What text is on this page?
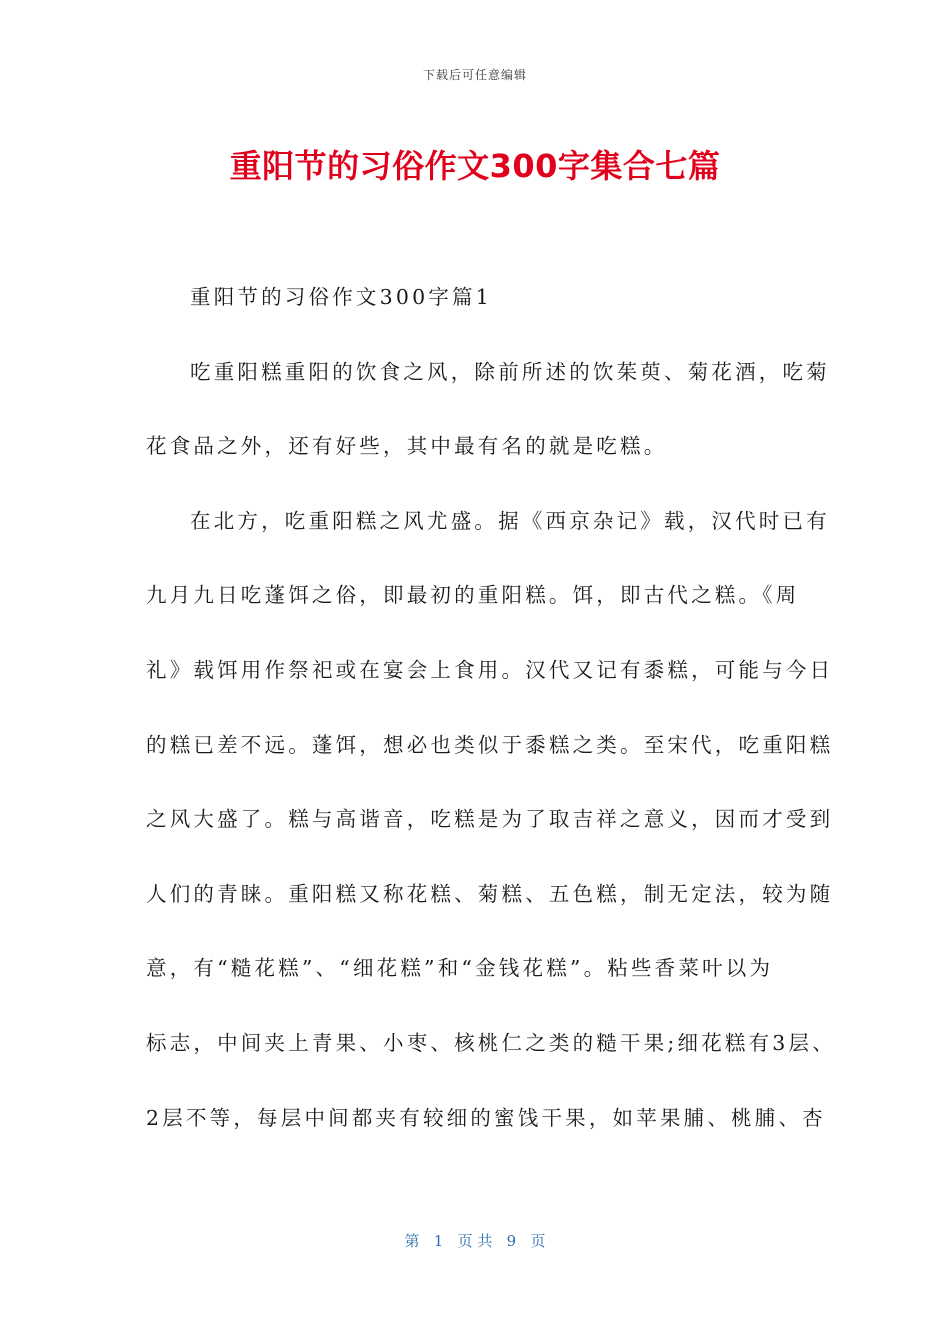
下载后可任意编辑
重阳节的习俗作文300字集合七篇
重阳节的习俗作文300字篇1
吃重阳糕重阳的饮食之风，除前所述的饮茱萸、菊花酒，吃菊
花食品之外，还有好些，其中最有名的就是吃糕。
在北方，吃重阳糕之风尤盛。据《西京杂记》载，汉代时已有
九月九日吃蓬饵之俗，即最初的重阳糕。饵，即古代之糕。《周
礼》载饵用作祭祀或在宴会上食用。汉代又记有黍糕，可能与今日
的糕已差不远。蓬饵，想必也类似于黍糕之类。至宋代，吃重阳糕
之风大盛了。糕与高谐音，吃糕是为了取吉祥之意义，因而才受到
人们的青睐。重阳糕又称花糕、菊糕、五色糕，制无定法，较为随
意，有“糙花糕”、“细花糕”和“金钱花糕”。粘些香菜叶以为
标志，中间夹上青果、小枣、核桃仁之类的糙干果;细花糕有3层、
2层不等，每层中间都夹有较细的蜜饯干果，如苹果脯、桃脯、杏
第   1   页 共   9   页
